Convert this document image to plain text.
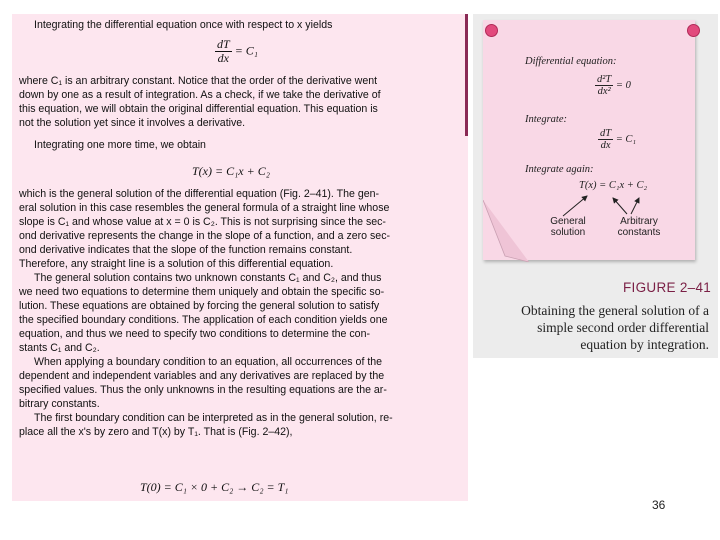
Integrating the differential equation once with respect to x yields
$\frac{dT}{dx} = C_1$
where C₁ is an arbitrary constant. Notice that the order of the derivative went
down by one as a result of integration. As a check, if we take the derivative of
this equation, we will obtain the original differential equation. This equation is
not the solution yet since it involves a derivative.
Integrating one more time, we obtain
T(x) = C₁x + C₂
which is the general solution of the differential equation (Fig. 2–41). The gen-
eral solution in this case resembles the general formula of a straight line whose
slope is C₁ and whose value at x = 0 is C₂. This is not surprising since the sec-
ond derivative represents the change in the slope of a function, and a zero sec-
ond derivative indicates that the slope of the function remains constant.
Therefore, any straight line is a solution of this differential equation.
The general solution contains two unknown constants C₁ and C₂, and thus
we need two equations to determine them uniquely and obtain the specific so-
lution. These equations are obtained by forcing the general solution to satisfy
the specified boundary conditions. The application of each condition yields one
equation, and thus we need to specify two conditions to determine the con-
stants C₁ and C₂.
When applying a boundary condition to an equation, all occurrences of the
dependent and independent variables and any derivatives are replaced by the
specified values. Thus the only unknowns in the resulting equations are the ar-
bitrary constants.
The first boundary condition can be interpreted as in the general solution, re-
place all the x's by zero and T(x) by T₁. That is (Fig. 2–42),
T(0) = C₁ × 0 + C₂ → C₂ = T₁
Differential equation:
$\frac{\text{d²T}}{\text{dx²}} = 0$
Integrate:
$\frac{dT}{dx} = C_1$
Integrate again:
T(x) = C₁x + C₂
General
solution
Arbitrary
constants
FIGURE 2–41
Obtaining the general solution of a simple second order differential equation by integration.
36
